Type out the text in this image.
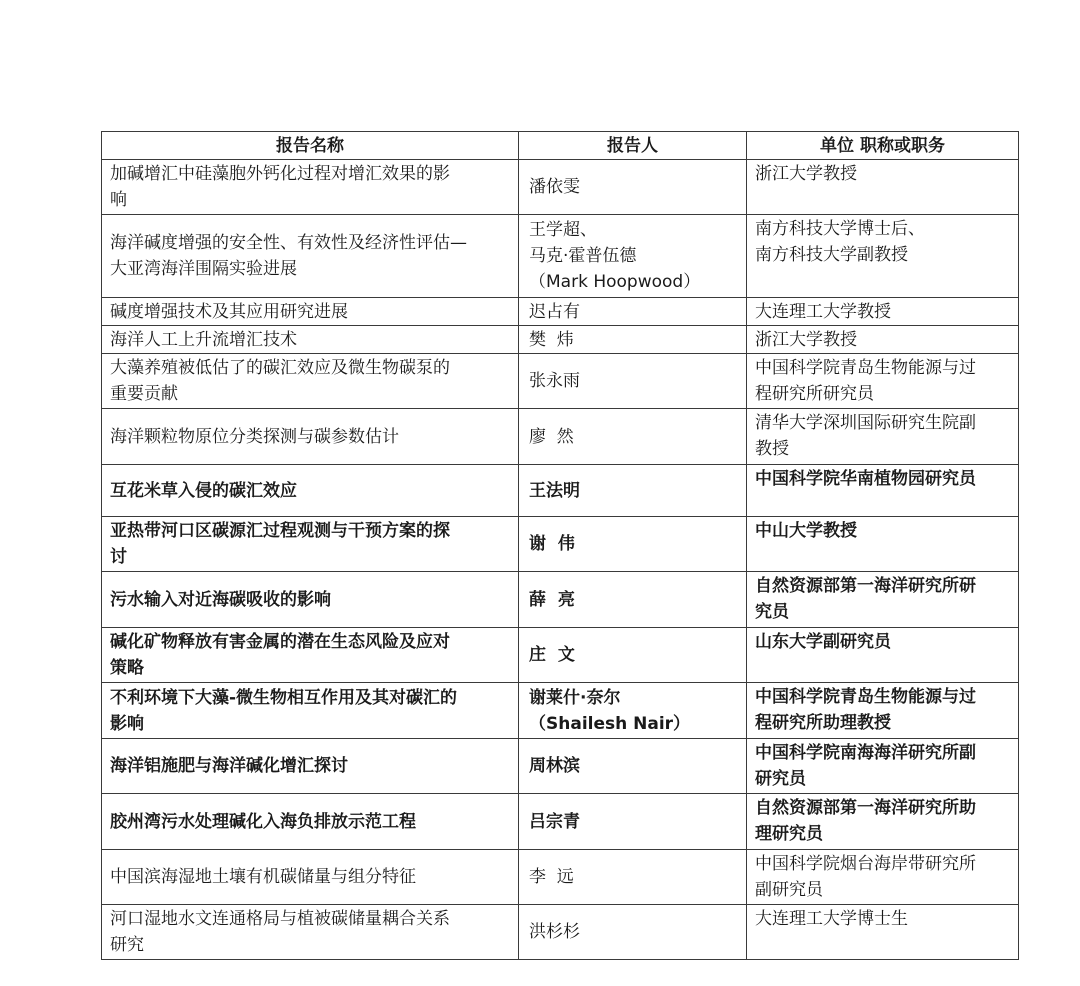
报告名称	报告人	单位 职称或职务

加碱增汇中硅藻胞外钙化过程对增汇效果的影
响	潘依雯	浙江大学教授

海洋碱度增强的安全性、有效性及经济性评估—
大亚湾海洋围隔实验进展	王学超、
马克·霍普伍德
（Mark Hoopwood）	南方科技大学博士后、
南方科技大学副教授

碱度增强技术及其应用研究进展	迟占有	大连理工大学教授

海洋人工上升流增汇技术	樊  炜	浙江大学教授

大藻养殖被低估了的碳汇效应及微生物碳泵的
重要贡献	张永雨	中国科学院青岛生物能源与过
程研究所研究员

海洋颗粒物原位分类探测与碳参数估计	廖  然	清华大学深圳国际研究生院副
教授

互花米草入侵的碳汇效应	王法明	中国科学院华南植物园研究员

亚热带河口区碳源汇过程观测与干预方案的探
讨	谢  伟	中山大学教授

污水输入对近海碳吸收的影响	薛  亮	自然资源部第一海洋研究所研
究员

碱化矿物释放有害金属的潜在生态风险及应对
策略	庄  文	山东大学副研究员

不利环境下大藻-微生物相互作用及其对碳汇的
影响	谢莱什·奈尔
（Shailesh Nair）	中国科学院青岛生物能源与过
程研究所助理教授

海洋铝施肥与海洋碱化增汇探讨	周林滨	中国科学院南海海洋研究所副
研究员

胶州湾污水处理碱化入海负排放示范工程	吕宗青	自然资源部第一海洋研究所助
理研究员

中国滨海湿地土壤有机碳储量与组分特征	李  远	中国科学院烟台海岸带研究所
副研究员

河口湿地水文连通格局与植被碳储量耦合关系
研究	洪杉杉	大连理工大学博士生
